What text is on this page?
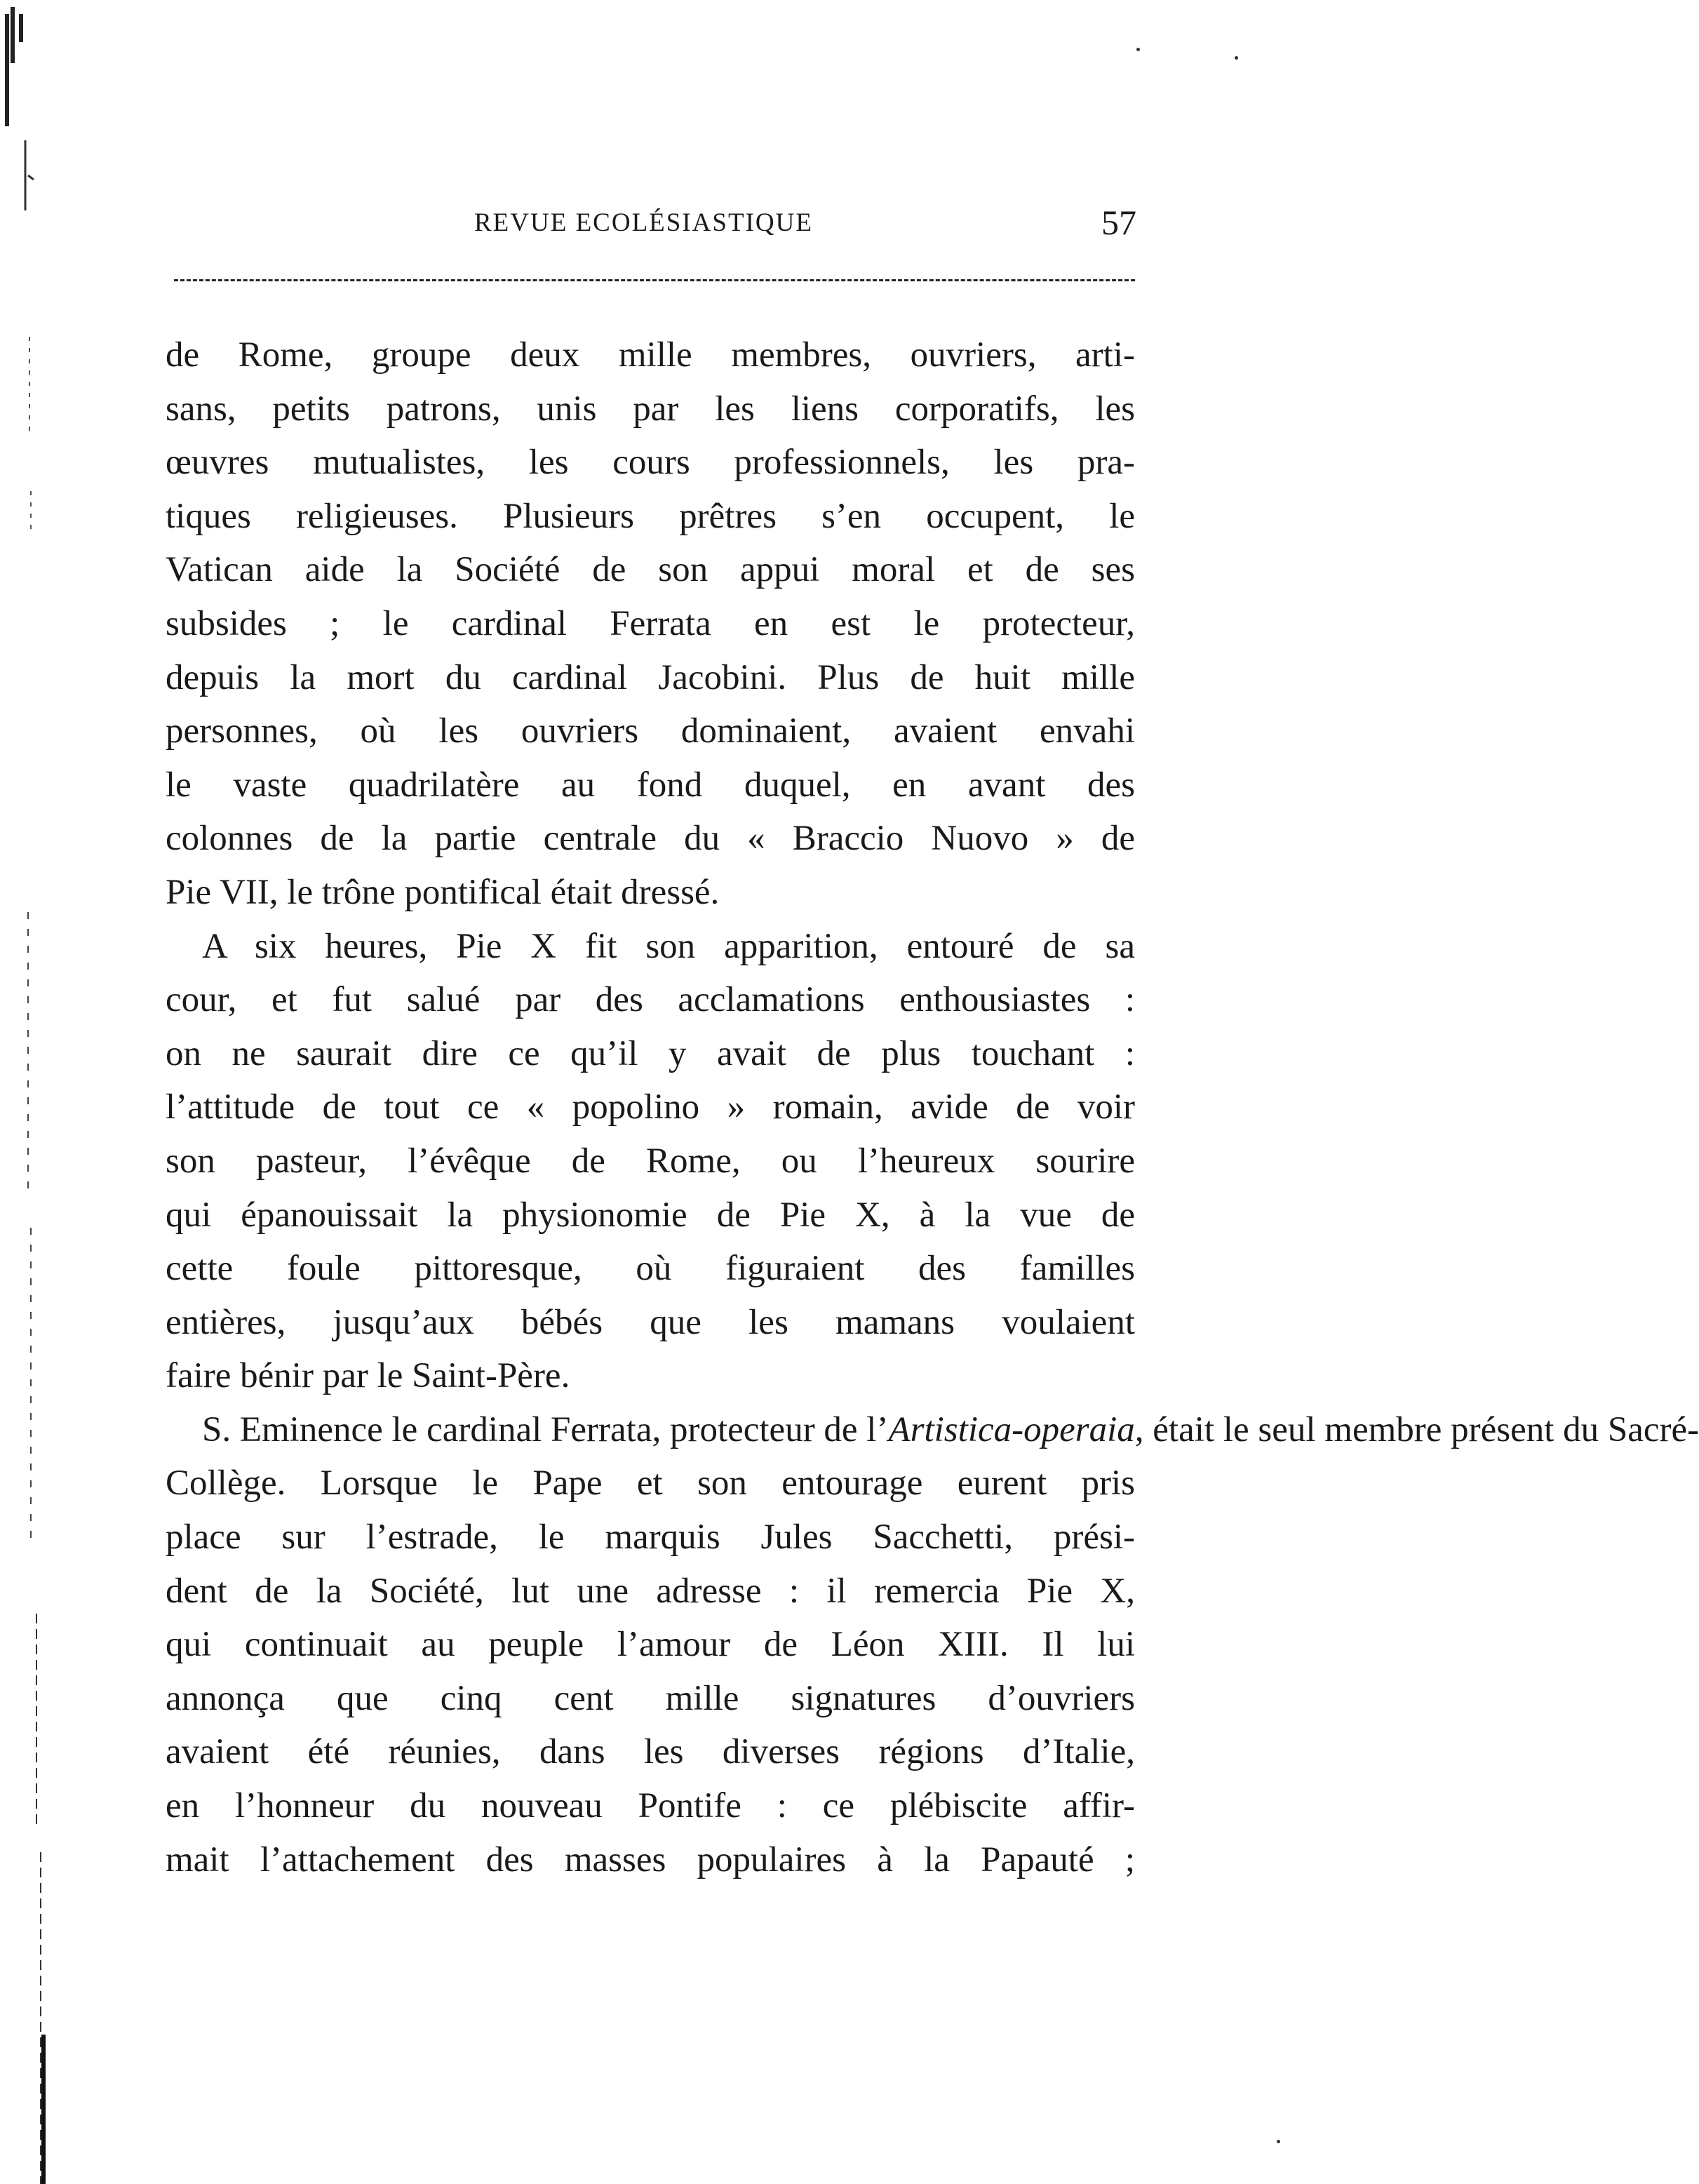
REVUE ECOLÉSIASTIQUE	57
de Rome, groupe deux mille membres, ouvriers, arti-
sans, petits patrons, unis par les liens corporatifs, les
œuvres mutualistes, les cours professionnels, les pra-
tiques religieuses. Plusieurs prêtres s’en occupent, le
Vatican aide la Société de son appui moral et de ses
subsides ; le cardinal Ferrata en est le protecteur,
depuis la mort du cardinal Jacobini. Plus de huit mille
personnes, où les ouvriers dominaient, avaient envahi
le vaste quadrilatère au fond duquel, en avant des
colonnes de la partie centrale du « Braccio Nuovo » de
Pie VII, le trône pontifical était dressé.
A six heures, Pie X fit son apparition, entouré de sa
cour, et fut salué par des acclamations enthousiastes :
on ne saurait dire ce qu’il y avait de plus touchant :
l’attitude de tout ce « popolino » romain, avide de voir
son pasteur, l’évêque de Rome, ou l’heureux sourire
qui épanouissait la physionomie de Pie X, à la vue de
cette foule pittoresque, où figuraient des familles
entières, jusqu’aux bébés que les mamans voulaient
faire bénir par le Saint-Père.
S. Eminence le cardinal Ferrata, protecteur de l’Artistica-operaia, était le seul membre présent du Sacré-
Collège. Lorsque le Pape et son entourage eurent pris
place sur l’estrade, le marquis Jules Sacchetti, prési-
dent de la Société, lut une adresse : il remercia Pie X,
qui continuait au peuple l’amour de Léon XIII. Il lui
annonça que cinq cent mille signatures d’ouvriers
avaient été réunies, dans les diverses régions d’Italie,
en l’honneur du nouveau Pontife : ce plébiscite affir-
mait l’attachement des masses populaires à la Papauté ;
